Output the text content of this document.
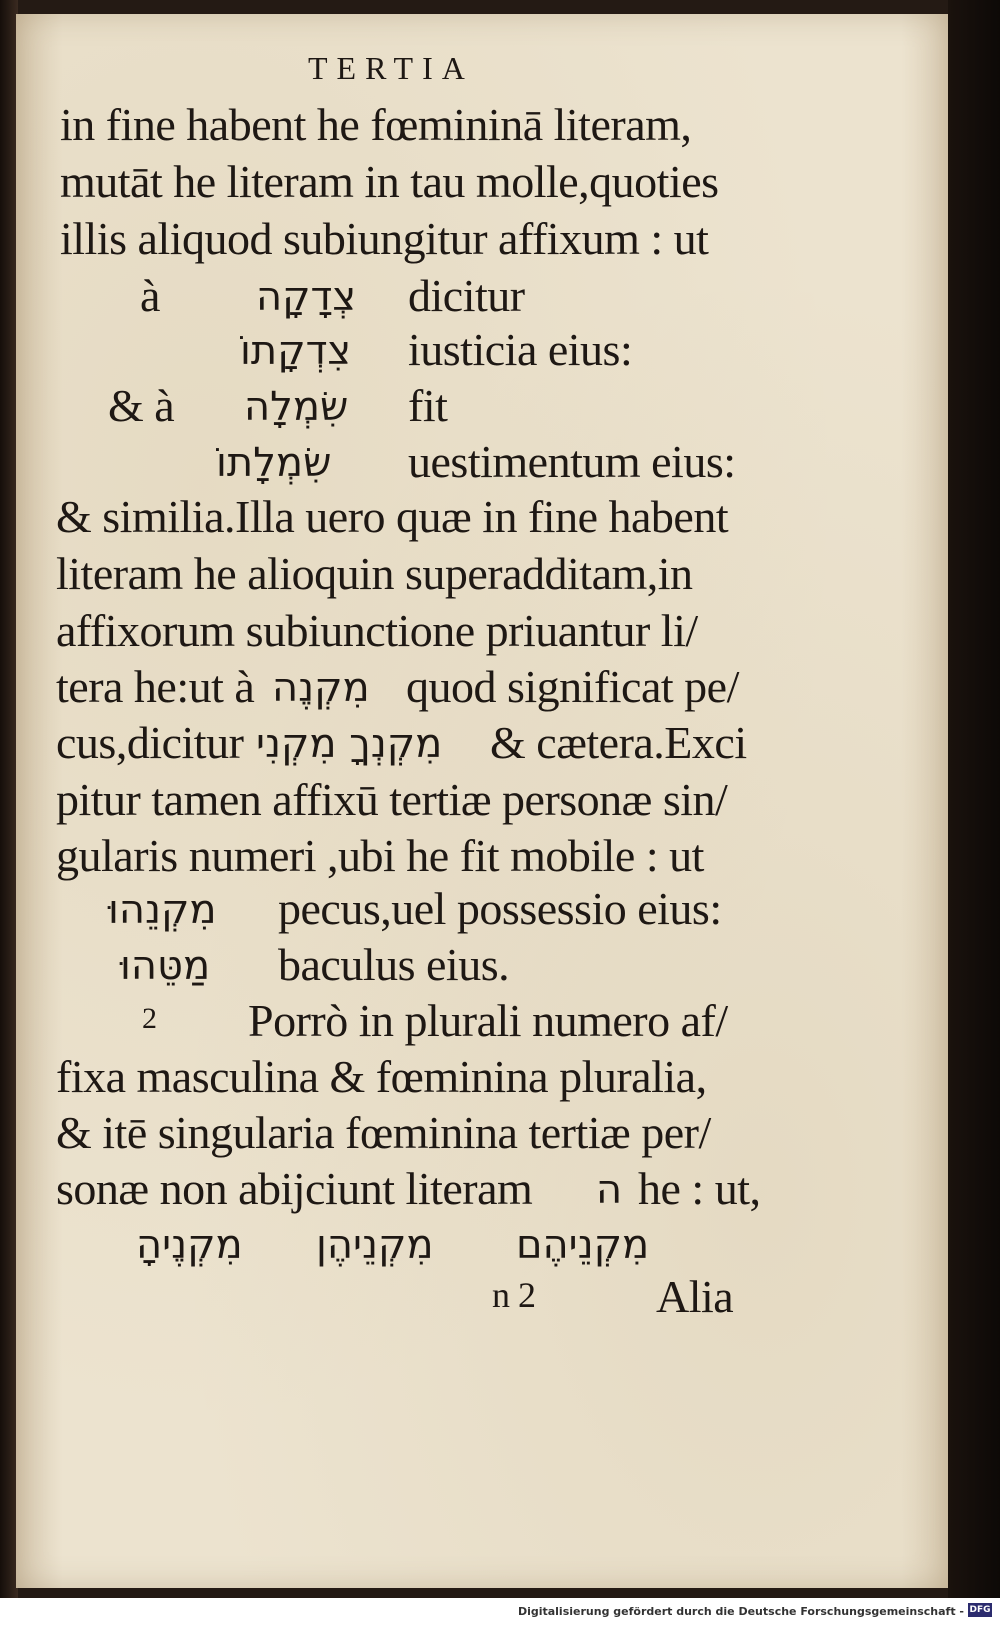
TERTIA
in fine habent he fœmininā literam,
mutāt he literam in tau molle,quoties
illis aliquod subiungitur affixum : ut
à צְדָקָה dicitur
צִדְקָתוֹ iusticia eius:
& à שִׂמְלָה fit
שִׂמְלָתוֹ uestimentum eius:
& similia.Illa uero quæ in fine habent
literam he alioquin superadditam,in
affixorum subiunctione priuantur li/
tera he:ut à מִקְנֶה quod significat pe/
cus,dicitur מִקְנְךָ מִקְנִי & cætera.Exci
pitur tamen affixū tertiæ personæ sin/
gularis numeri ,ubi he fit mobile : ut
מִקְנֵהוּ pecus,uel possessio eius:
מַטֵּהוּ baculus eius.
2 Porrò in plurali numero af/
fixa masculina & fœminina pluralia,
& itē singularia fœminina tertiæ per/
sonæ non abijciunt literam ה he : ut,
מִקְנֶיהָ מִקְנֵיהֶן מִקְנֵיהֶם
n 2	Alia
Digitalisierung gefördert durch die Deutsche Forschungsgemeinschaft - DFG
